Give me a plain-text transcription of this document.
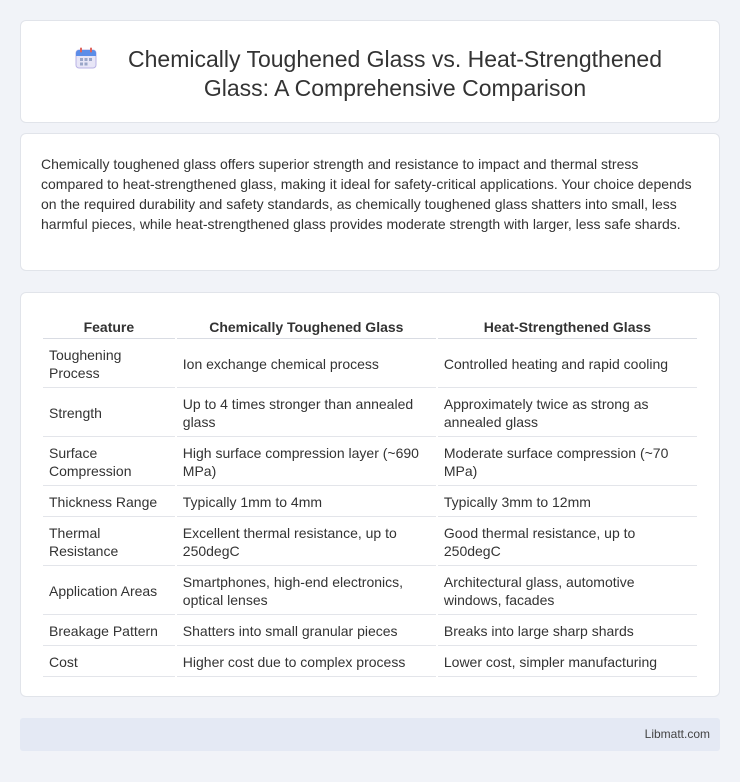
Chemically Toughened Glass vs. Heat-Strengthened Glass: A Comprehensive Comparison

Chemically toughened glass offers superior strength and resistance to impact and thermal stress compared to heat-strengthened glass, making it ideal for safety-critical applications. Your choice depends on the required durability and safety standards, as chemically toughened glass shatters into small, less harmful pieces, while heat-strengthened glass provides moderate strength with larger, less safe shards.

Feature	Chemically Toughened Glass	Heat-Strengthened Glass
Toughening Process	Ion exchange chemical process	Controlled heating and rapid cooling
Strength	Up to 4 times stronger than annealed glass	Approximately twice as strong as annealed glass
Surface Compression	High surface compression layer (~690 MPa)	Moderate surface compression (~70 MPa)
Thickness Range	Typically 1mm to 4mm	Typically 3mm to 12mm
Thermal Resistance	Excellent thermal resistance, up to 250degC	Good thermal resistance, up to 250degC
Application Areas	Smartphones, high-end electronics, optical lenses	Architectural glass, automotive windows, facades
Breakage Pattern	Shatters into small granular pieces	Breaks into large sharp shards
Cost	Higher cost due to complex process	Lower cost, simpler manufacturing
Libmatt.com
